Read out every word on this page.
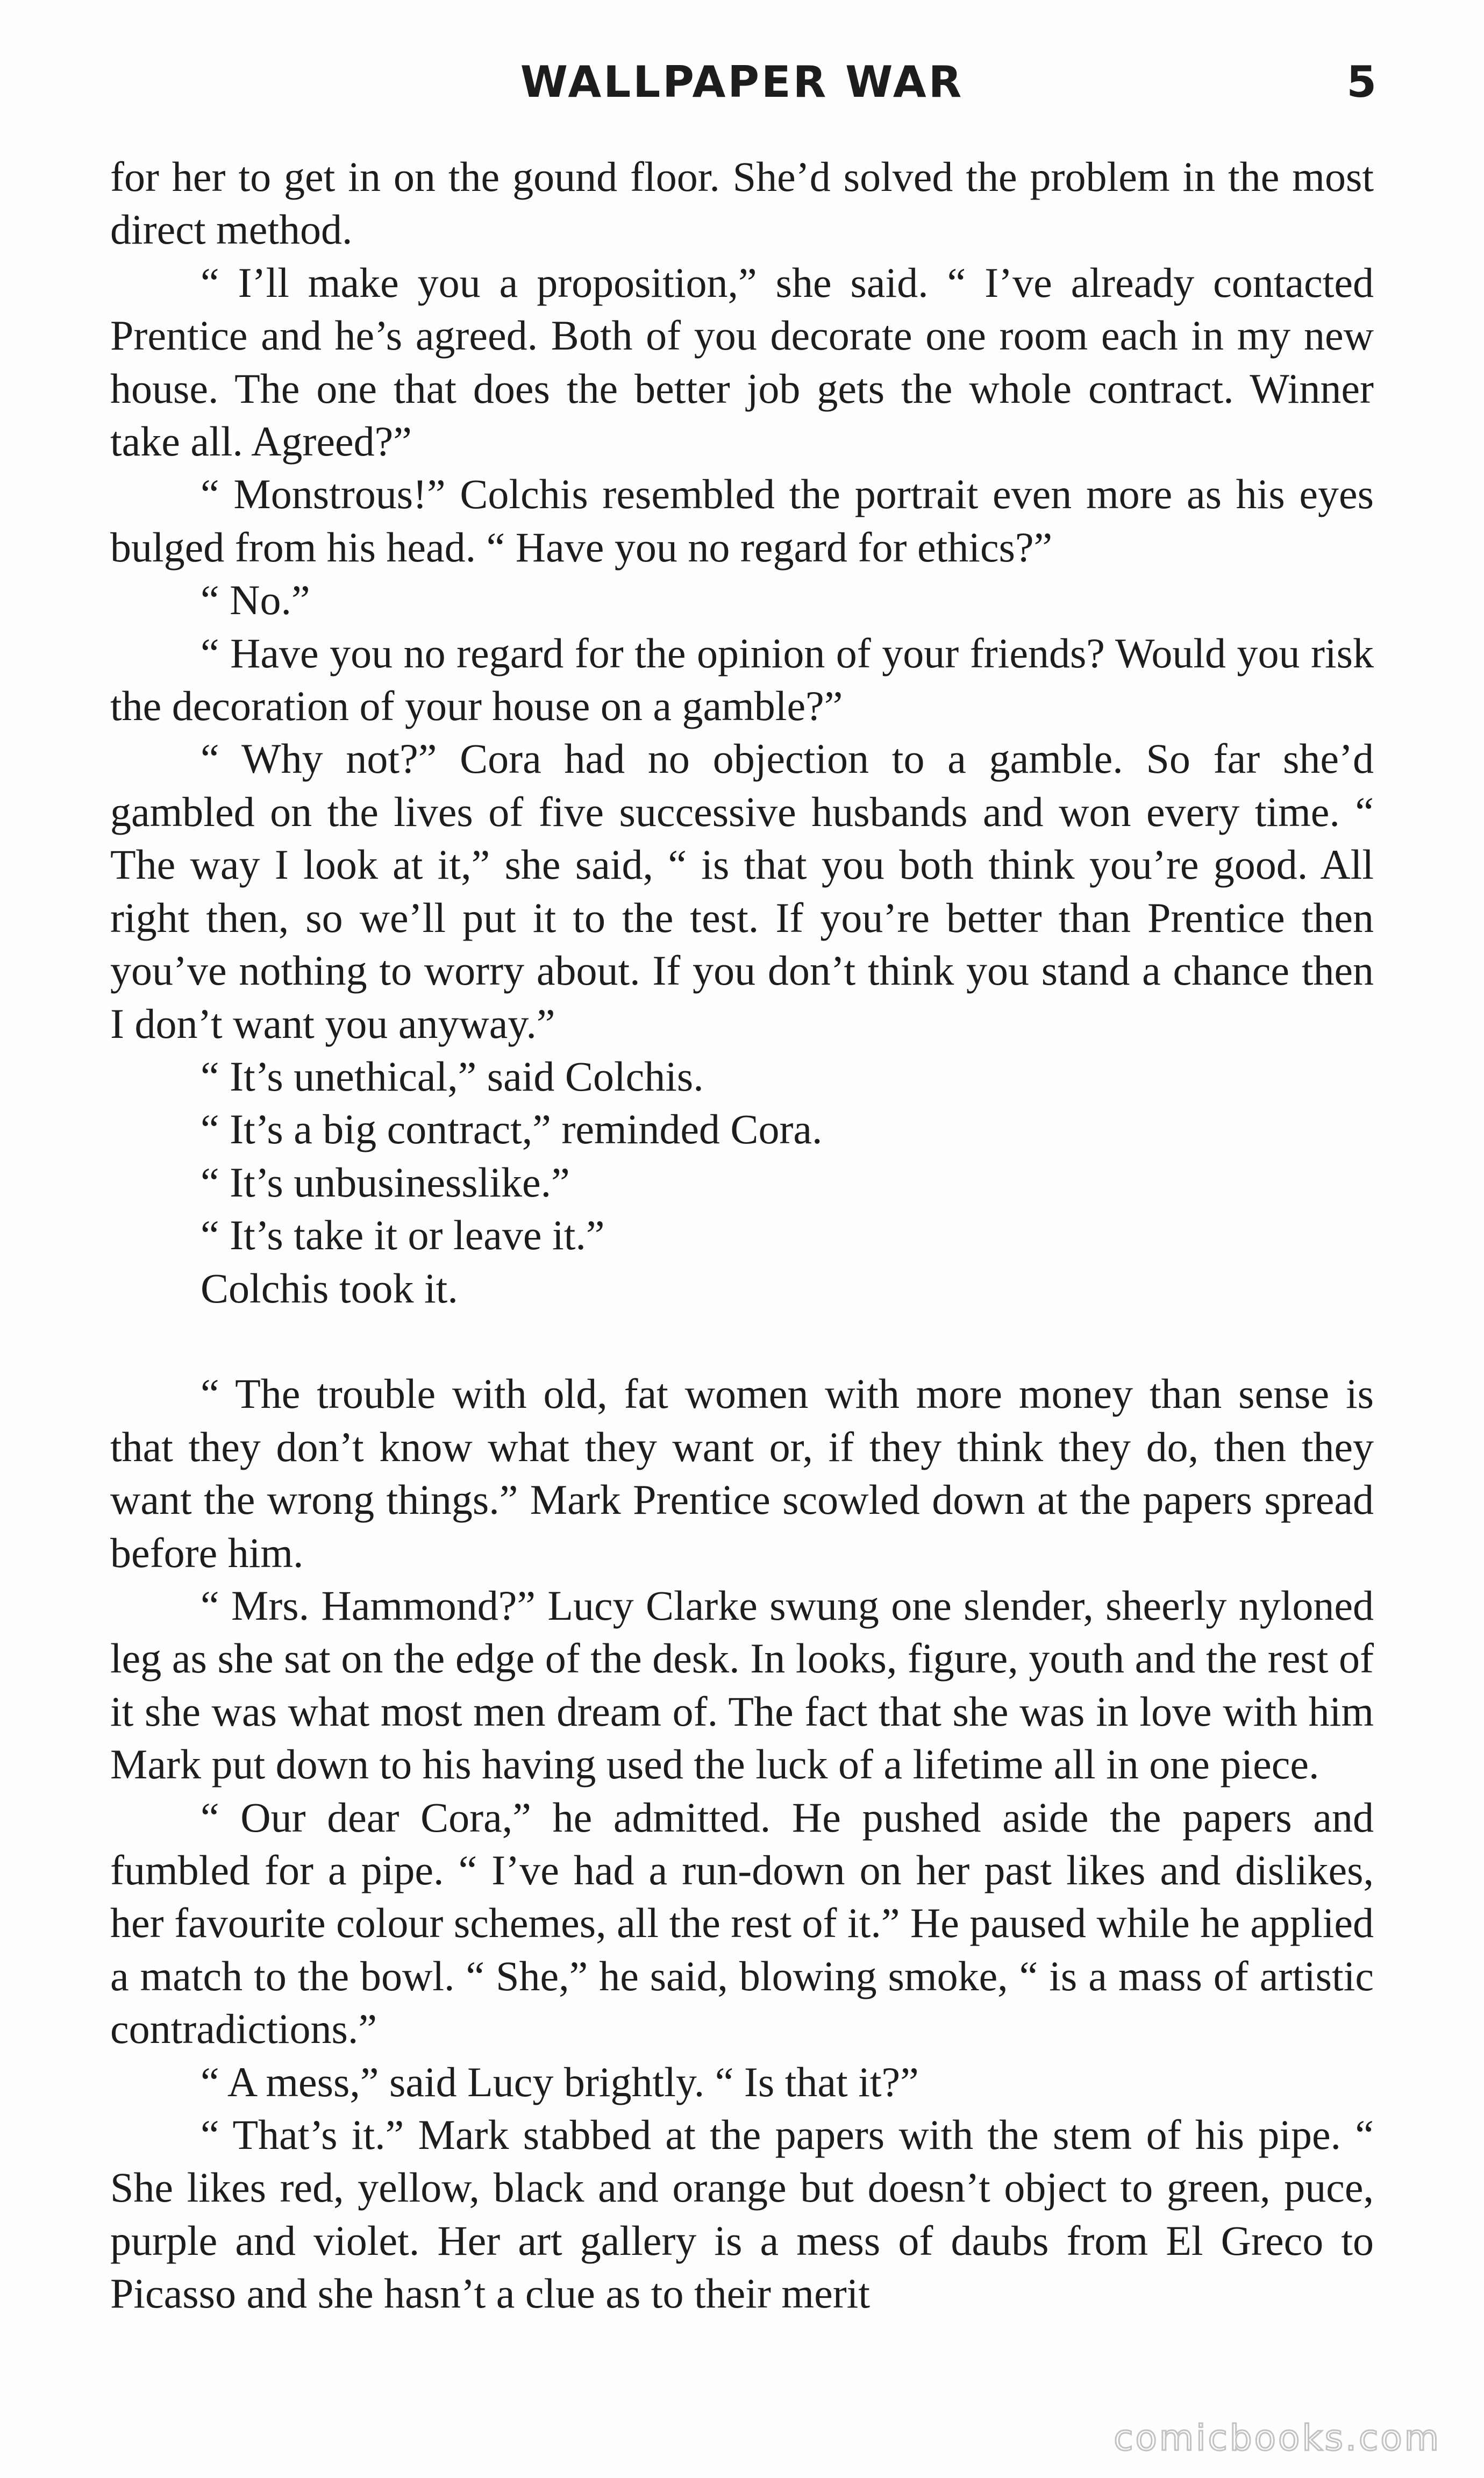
WALLPAPER WAR	5

for her to get in on the gound floor. She’d solved the problem in the most direct method.

“ I’ll make you a proposition,” she said. “ I’ve already contacted Prentice and he’s agreed. Both of you decorate one room each in my new house. The one that does the better job gets the whole contract. Winner take all. Agreed?”

“ Monstrous!” Colchis resembled the portrait even more as his eyes bulged from his head. “ Have you no regard for ethics?”

“ No.”

“ Have you no regard for the opinion of your friends? Would you risk the decoration of your house on a gamble?”

“ Why not?” Cora had no objection to a gamble. So far she’d gambled on the lives of five successive husbands and won every time. “ The way I look at it,” she said, “ is that you both think you’re good. All right then, so we’ll put it to the test. If you’re better than Prentice then you’ve nothing to worry about. If you don’t think you stand a chance then I don’t want you anyway.”

“ It’s unethical,” said Colchis.

“ It’s a big contract,” reminded Cora.

“ It’s unbusinesslike.”

“ It’s take it or leave it.”

Colchis took it.

“ The trouble with old, fat women with more money than sense is that they don’t know what they want or, if they think they do, then they want the wrong things.” Mark Prentice scowled down at the papers spread before him.

“ Mrs. Hammond?” Lucy Clarke swung one slender, sheerly nyloned leg as she sat on the edge of the desk. In looks, figure, youth and the rest of it she was what most men dream of. The fact that she was in love with him Mark put down to his having used the luck of a lifetime all in one piece.

“ Our dear Cora,” he admitted. He pushed aside the papers and fumbled for a pipe. “ I’ve had a run-down on her past likes and dislikes, her favourite colour schemes, all the rest of it.” He paused while he applied a match to the bowl. “ She,” he said, blowing smoke, “ is a mass of artistic contradictions.”

“ A mess,” said Lucy brightly. “ Is that it?”

“ That’s it.” Mark stabbed at the papers with the stem of his pipe. “ She likes red, yellow, black and orange but doesn’t object to green, puce, purple and violet. Her art gallery is a mess of daubs from El Greco to Picasso and she hasn’t a clue as to their merit

comicbooks.com
